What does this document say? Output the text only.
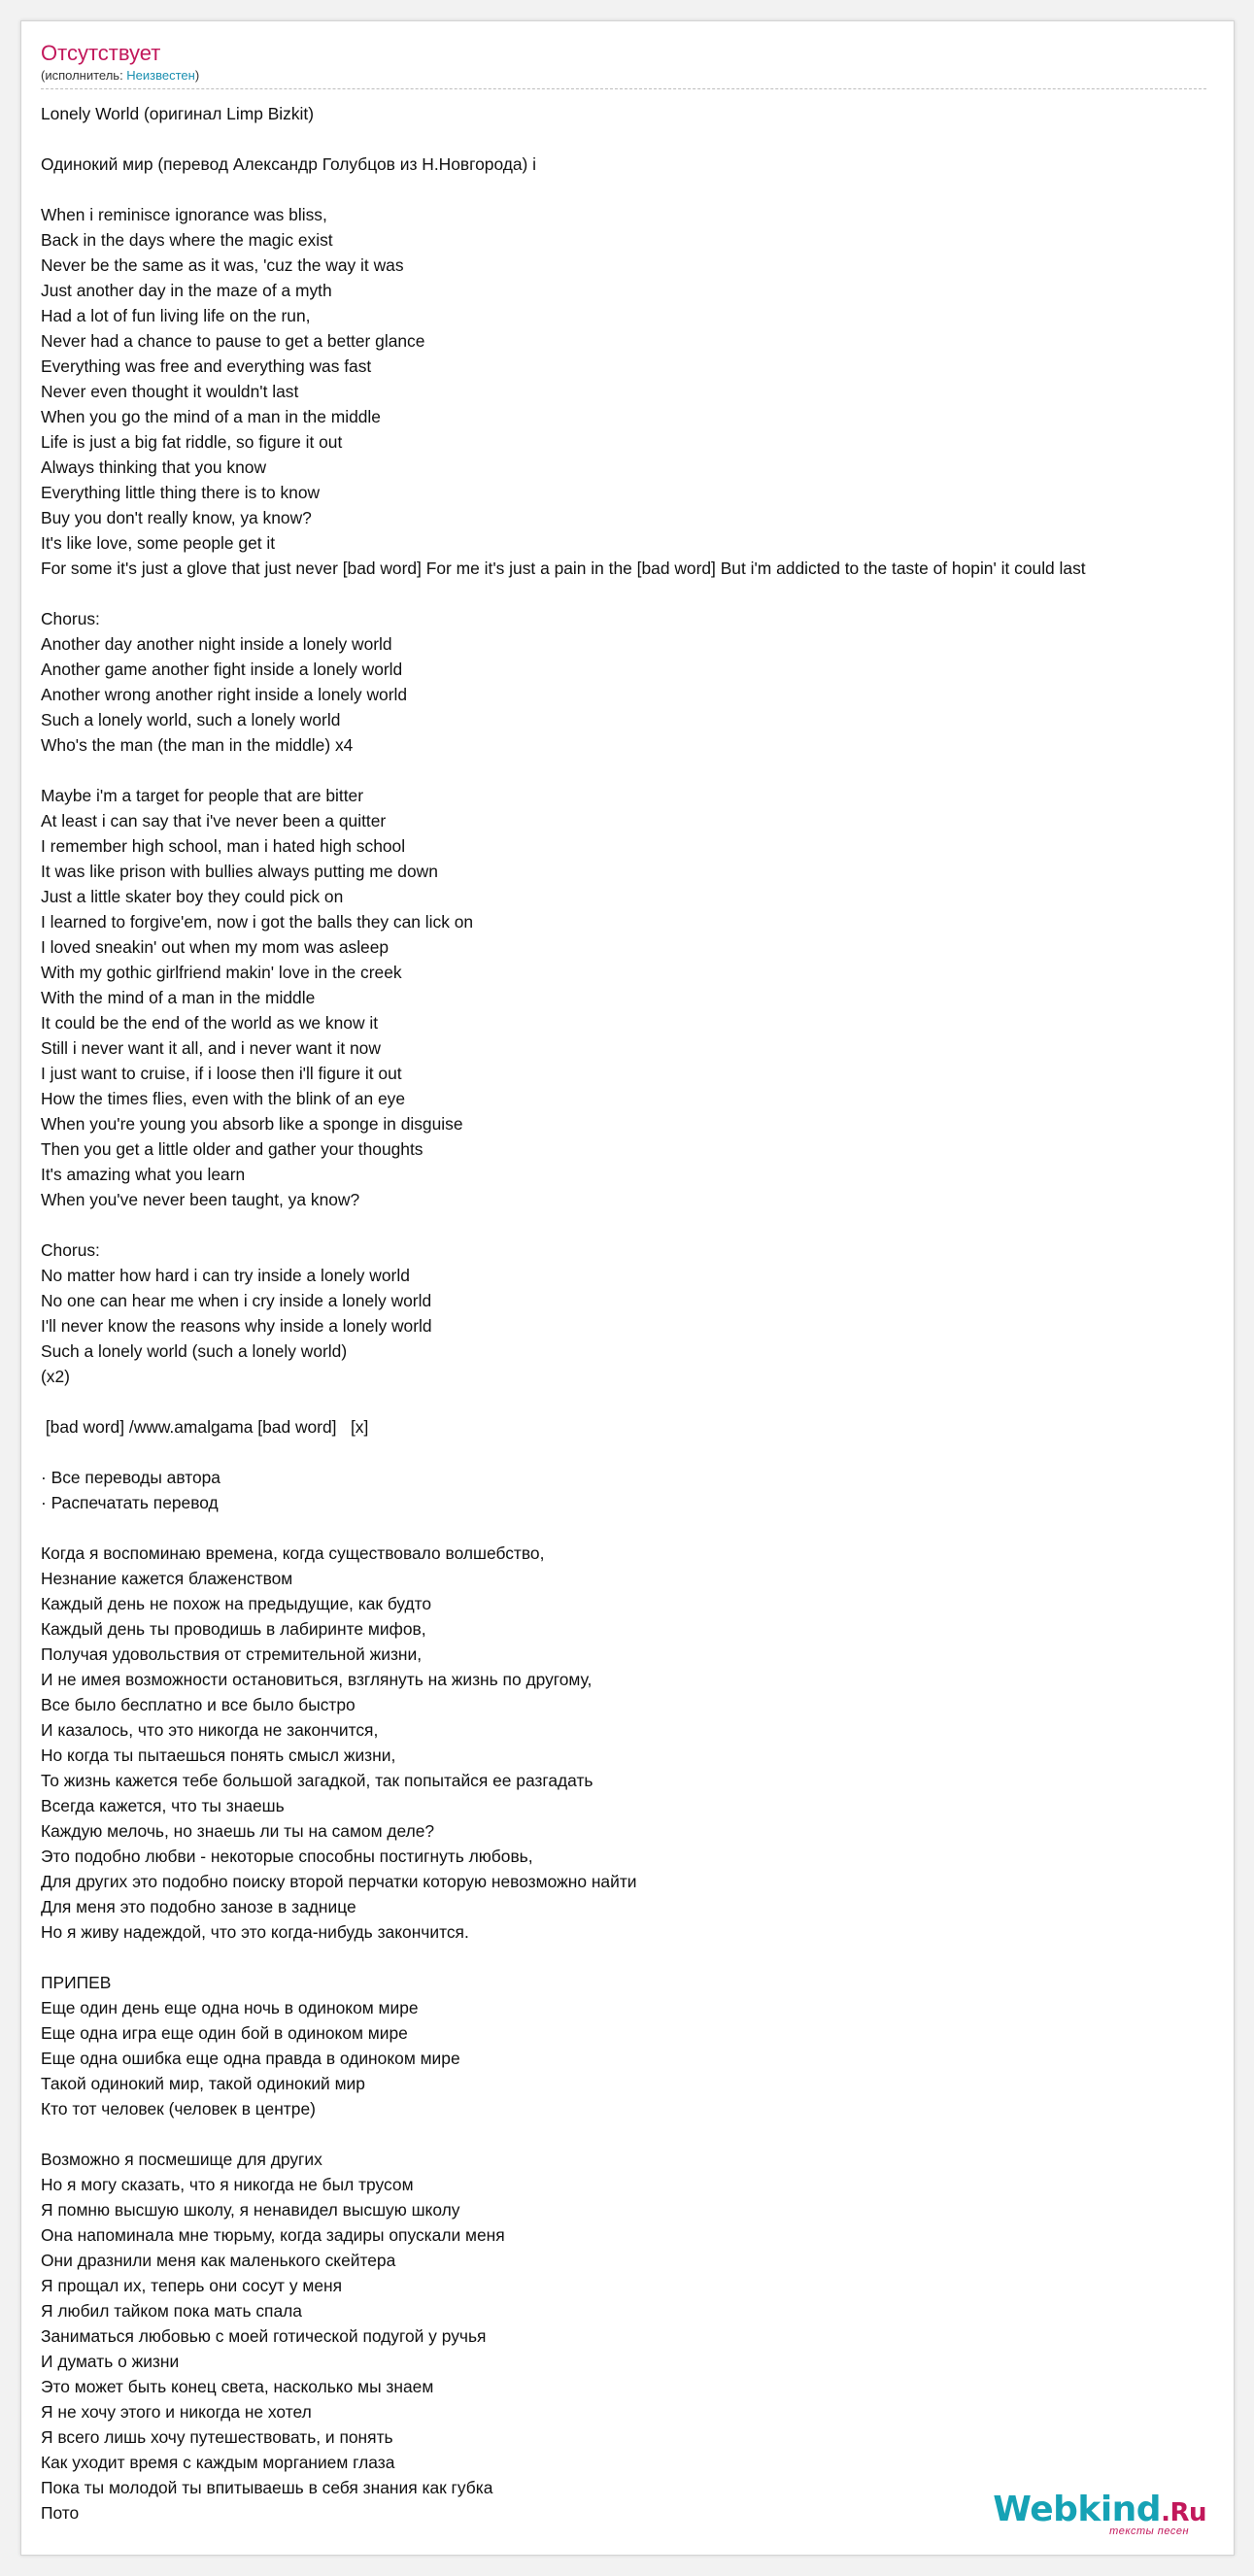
Отсутствует
(исполнитель: Неизвестен)
Lonely World (оригинал Limp Bizkit)
Одинокий мир (перевод Александр Голубцов из Н.Новгорода) i
When i reminisce ignorance was bliss,
Back in the days where the magic exist
Never be the same as it was, 'cuz the way it was
Just another day in the maze of a myth
Had a lot of fun living life on the run,
Never had a chance to pause to get a better glance
Everything was free and everything was fast
Never even thought it wouldn't last
When you go the mind of a man in the middle
Life is just a big fat riddle, so figure it out
Always thinking that you know
Everything little thing there is to know
Buy you don't really know, ya know?
It's like love, some people get it
For some it's just a glove that just never [bad word] For me it's just a pain in the [bad word] But i'm addicted to the taste of hopin' it could last
Chorus:
Another day another night inside a lonely world
Another game another fight inside a lonely world
Another wrong another right inside a lonely world
Such a lonely world, such a lonely world
Who's the man (the man in the middle) x4
Maybe i'm a target for people that are bitter
At least i can say that i've never been a quitter
I remember high school, man i hated high school
It was like prison with bullies always putting me down
Just a little skater boy they could pick on
I learned to forgive'em, now i got the balls they can lick on
I loved sneakin' out when my mom was asleep
With my gothic girlfriend makin' love in the creek
With the mind of a man in the middle
It could be the end of the world as we know it
Still i never want it all, and i never want it now
I just want to cruise, if i loose then i'll figure it out
How the times flies, even with the blink of an eye
When you're young you absorb like a sponge in disguise
Then you get a little older and gather your thoughts
It's amazing what you learn
When you've never been taught, ya know?
Chorus:
No matter how hard i can try inside a lonely world
No one can hear me when i cry inside a lonely world
I'll never know the reasons why inside a lonely world
Such a lonely world (such a lonely world)
(x2)
[bad word] /www.amalgama [bad word]   [x]
· Все переводы автора
· Распечатать перевод
Когда я воспоминаю времена, когда существовало волшебство,
Незнание кажется блаженством
Каждый день не похож на предыдущие, как будто
Каждый день ты проводишь в лабиринте мифов,
Получая удовольствия от стремительной жизни,
И не имея возможности остановиться, взглянуть на жизнь по другому,
Все было бесплатно и все было быстро
И казалось, что это никогда не закончится,
Но когда ты пытаешься понять смысл жизни,
То жизнь кажется тебе большой загадкой, так попытайся ее разгадать
Всегда кажется, что ты знаешь
Каждую мелочь, но знаешь ли ты на самом деле?
Это подобно любви - некоторые способны постигнуть любовь,
Для других это подобно поиску второй перчатки которую невозможно найти
Для меня это подобно занозе в заднице
Но я живу надеждой, что это когда-нибудь закончится.
ПРИПЕВ
Еще один день еще одна ночь в одиноком мире
Еще одна игра еще один бой в одиноком мире
Еще одна ошибка еще одна правда в одиноком мире
Такой одинокий мир, такой одинокий мир
Кто тот человек (человек в центре)
Возможно я посмешище для других
Но я могу сказать, что я никогда не был трусом
Я помню высшую школу, я ненавидел высшую школу
Она напоминала мне тюрьму, когда задиры опускали меня
Они дразнили меня как маленького скейтера
Я прощал их, теперь они сосут у меня
Я любил тайком пока мать спала
Заниматься любовью с моей готической подугой у ручья
И думать о жизни
Это может быть конец света, насколько мы знаем
Я не хочу этого и никогда не хотел
Я всего лишь хочу путешествовать, и понять
Как уходит время с каждым морганием глаза
Пока ты молодой ты впитываешь в себя знания как губка
Пото	Webkind.Ru
тексты песен
